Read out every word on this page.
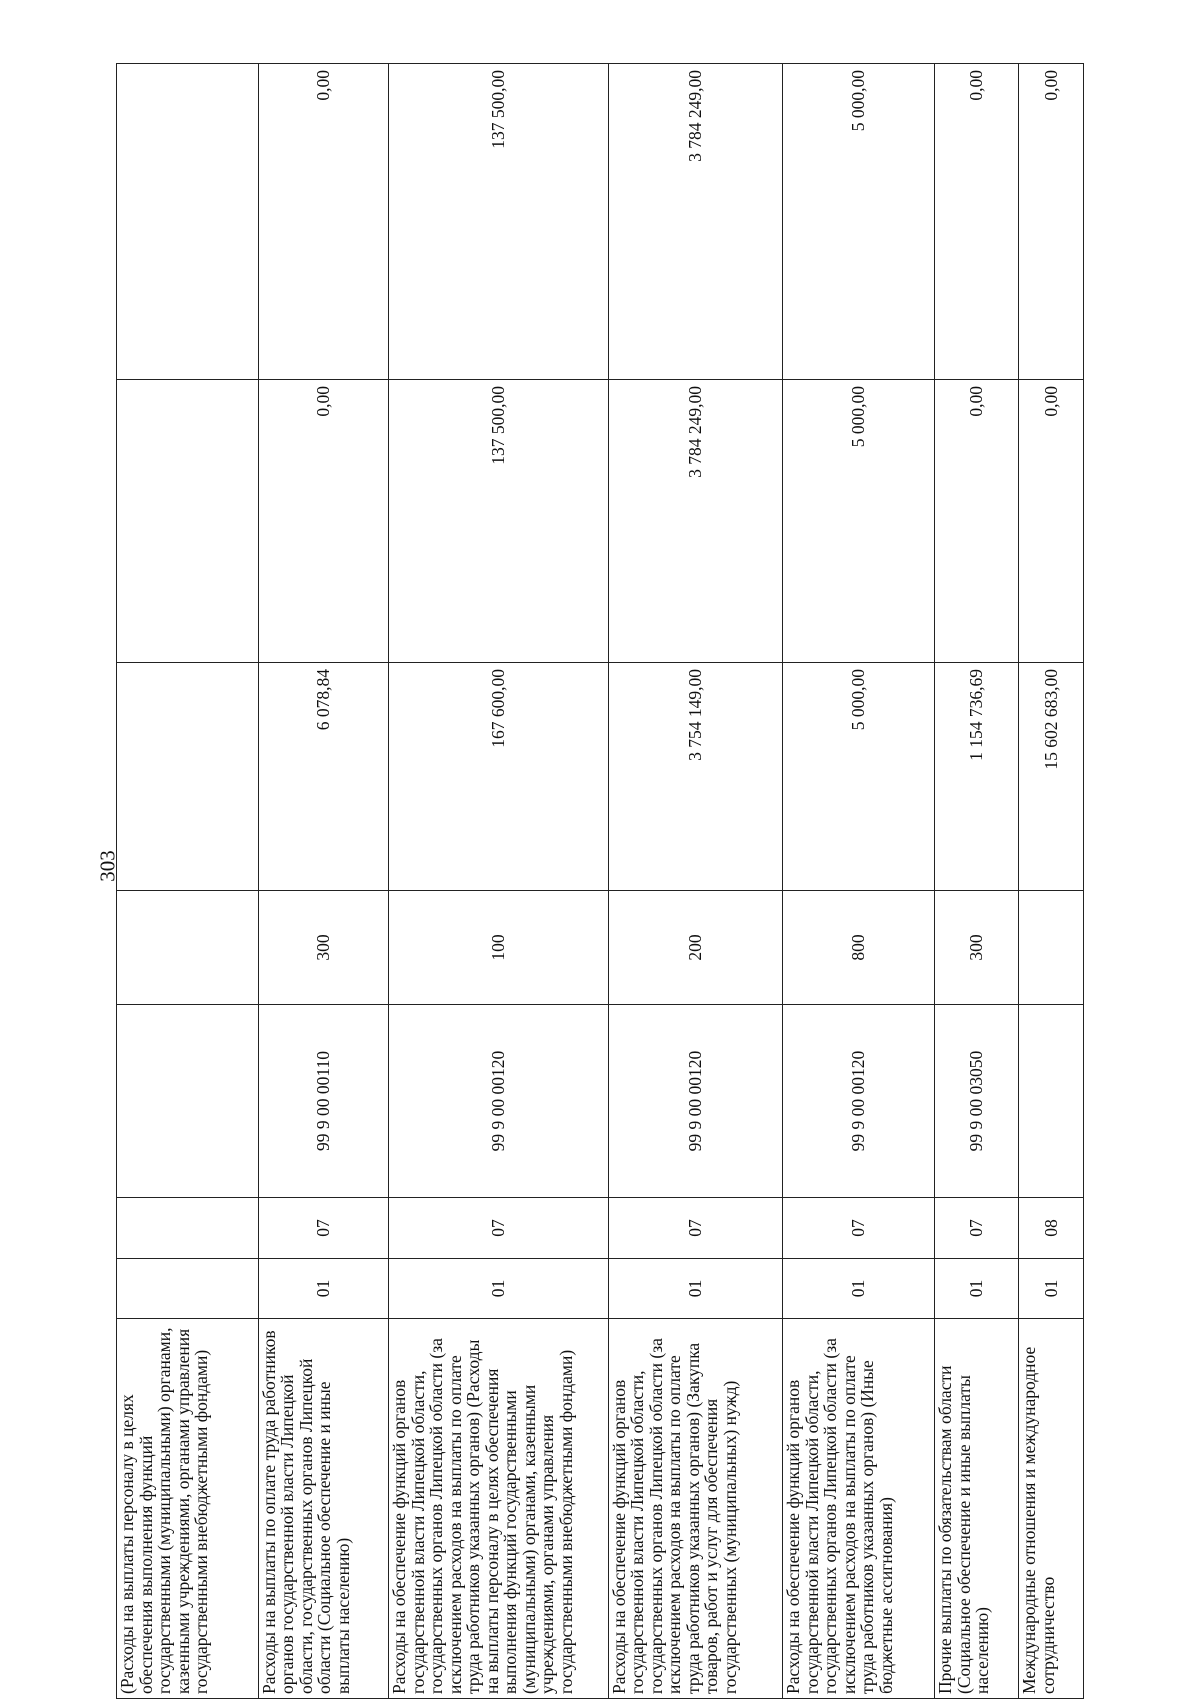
303
(Расходы на выплаты персоналу в целях обеспечения выполнения функций государственными (муниципальными) органами, казенными учреждениями, органами управления государственными внебюджетными фондами)							
Расходы на выплаты по оплате труда работников органов государственной власти Липецкой области, государственных органов Липецкой области (Социальное обеспечение и иные выплаты населению)	01	07	99 9 00 00110	300	6 078,84	0,00	0,00
Расходы на обеспечение функций органов государственной власти Липецкой области, государственных органов Липецкой области (за исключением расходов на выплаты по оплате труда работников указанных органов) (Расходы на выплаты персоналу в целях обеспечения выполнения функций государственными (муниципальными) органами, казенными учреждениями, органами управления государственными внебюджетными фондами)	01	07	99 9 00 00120	100	167 600,00	137 500,00	137 500,00
Расходы на обеспечение функций органов государственной власти Липецкой области, государственных органов Липецкой области (за исключением расходов на выплаты по оплате труда работников указанных органов) (Закупка товаров, работ и услуг для обеспечения государственных (муниципальных) нужд)	01	07	99 9 00 00120	200	3 754 149,00	3 784 249,00	3 784 249,00
Расходы на обеспечение функций органов государственной власти Липецкой области, государственных органов Липецкой области (за исключением расходов на выплаты по оплате труда работников указанных органов) (Иные бюджетные ассигнования)	01	07	99 9 00 00120	800	5 000,00	5 000,00	5 000,00
Прочие выплаты по обязательствам области (Социальное обеспечение и иные выплаты населению)	01	07	99 9 00 03050	300	1 154 736,69	0,00	0,00
Международные отношения и международное сотрудничество	01	08			15 602 683,00	0,00	0,00
